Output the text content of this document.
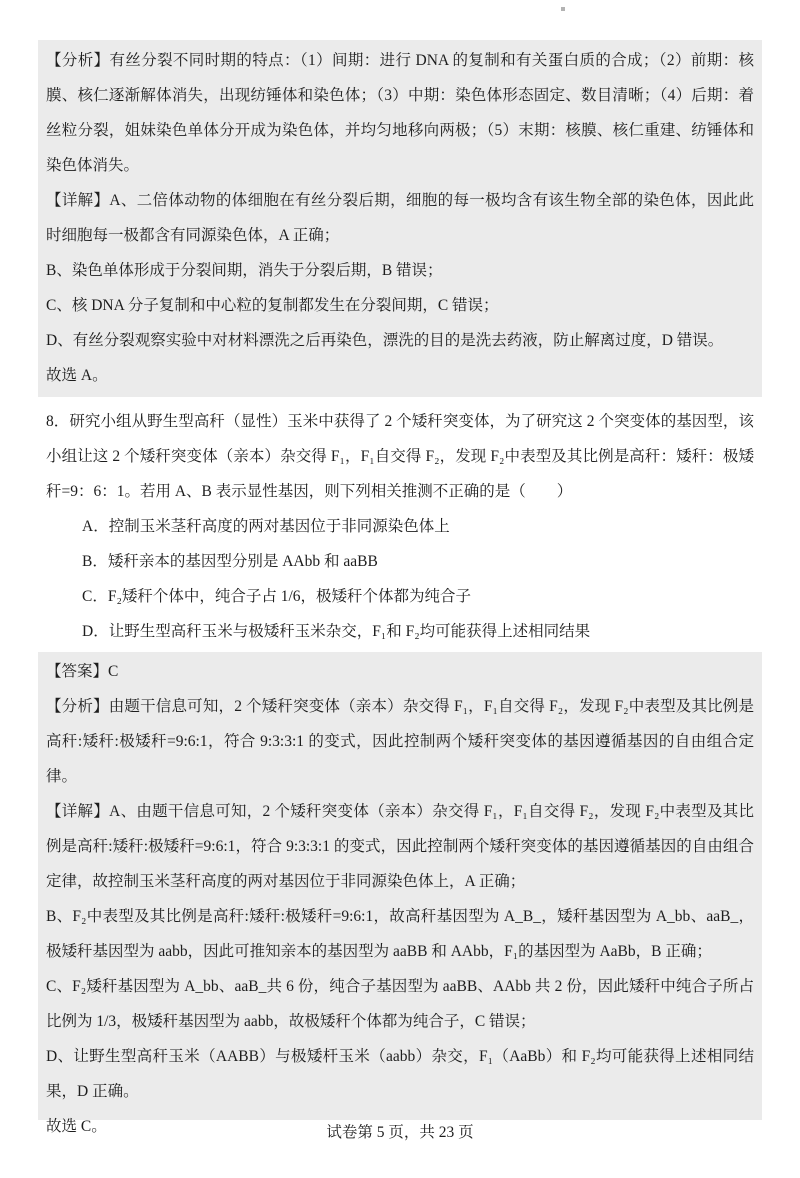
【分析】有丝分裂不同时期的特点：（1）间期：进行 DNA 的复制和有关蛋白质的合成；（2）前期：核膜、核仁逐渐解体消失，出现纺锤体和染色体；（3）中期：染色体形态固定、数目清晰；（4）后期：着丝粒分裂，姐妹染色单体分开成为染色体，并均匀地移向两极；（5）末期：核膜、核仁重建、纺锤体和染色体消失。

【详解】A、二倍体动物的体细胞在有丝分裂后期，细胞的每一极均含有该生物全部的染色体，因此此时细胞每一极都含有同源染色体，A 正确；

B、染色单体形成于分裂间期，消失于分裂后期，B 错误；

C、核 DNA 分子复制和中心粒的复制都发生在分裂间期，C 错误；

D、有丝分裂观察实验中对材料漂洗之后再染色，漂洗的目的是洗去药液，防止解离过度，D 错误。

故选 A。

8．研究小组从野生型高秆（显性）玉米中获得了 2 个矮秆突变体，为了研究这 2 个突变体的基因型，该小组让这 2 个矮秆突变体（亲本）杂交得 F₁，F₁自交得 F₂，发现 F₂中表型及其比例是高秆：矮秆：极矮秆=9：6：1。若用 A、B 表示显性基因，则下列相关推测不正确的是（　　）

A．控制玉米茎秆高度的两对基因位于非同源染色体上

B．矮秆亲本的基因型分别是 AAbb 和 aaBB

C．F₂矮秆个体中，纯合子占 1/6，极矮秆个体都为纯合子

D．让野生型高秆玉米与极矮秆玉米杂交，F₁和 F₂均可能获得上述相同结果

【答案】C

【分析】由题干信息可知，2 个矮秆突变体（亲本）杂交得 F₁，F₁自交得 F₂，发现 F₂中表型及其比例是高秆:矮秆:极矮秆=9:6:1，符合 9:3:3:1 的变式，因此控制两个矮秆突变体的基因遵循基因的自由组合定律。

【详解】A、由题干信息可知，2 个矮秆突变体（亲本）杂交得 F₁，F₁自交得 F₂，发现 F₂中表型及其比例是高秆:矮秆:极矮秆=9:6:1，符合 9:3:3:1 的变式，因此控制两个矮秆突变体的基因遵循基因的自由组合定律，故控制玉米茎秆高度的两对基因位于非同源染色体上，A 正确；

B、F₂中表型及其比例是高秆:矮秆:极矮秆=9:6:1，故高秆基因型为 A_B_，矮秆基因型为 A_bb、aaB_，极矮秆基因型为 aabb，因此可推知亲本的基因型为 aaBB 和 AAbb，F₁的基因型为 AaBb，B 正确；

C、F₂矮秆基因型为 A_bb、aaB_共 6 份，纯合子基因型为 aaBB、AAbb 共 2 份，因此矮秆中纯合子所占比例为 1/3，极矮秆基因型为 aabb，故极矮秆个体都为纯合子，C 错误；

D、让野生型高秆玉米（AABB）与极矮杆玉米（aabb）杂交，F₁（AaBb）和 F₂均可能获得上述相同结果，D 正确。

故选 C。	试卷第 5 页，共 23 页
